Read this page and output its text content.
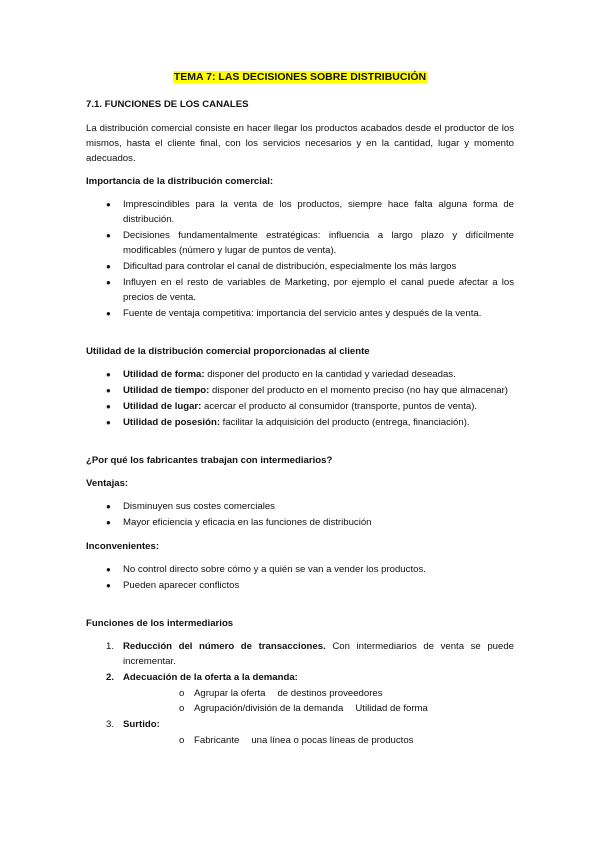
TEMA 7: LAS DECISIONES SOBRE DISTRIBUCIÓN
7.1. FUNCIONES DE LOS CANALES

La distribución comercial consiste en hacer llegar los productos acabados desde el productor de los mismos, hasta el cliente final, con los servicios necesarios y en la cantidad, lugar y momento adecuados.

Importancia de la distribución comercial:
● Imprescindibles para la venta de los productos, siempre hace falta alguna forma de distribución.
● Decisiones fundamentalmente estratégicas: influencia a largo plazo y difícilmente modificables (número y lugar de puntos de venta).
● Dificultad para controlar el canal de distribución, especialmente los más largos
● Influyen en el resto de variables de Marketing, por ejemplo el canal puede afectar a los precios de venta.
● Fuente de ventaja competitiva: importancia del servicio antes y después de la venta.
Utilidad de la distribución comercial proporcionadas al cliente
● Utilidad de forma: disponer del producto en la cantidad y variedad deseadas.
● Utilidad de tiempo: disponer del producto en el momento preciso (no hay que almacenar)
● Utilidad de lugar: acercar el producto al consumidor (transporte, puntos de venta).
● Utilidad de posesión: facilitar la adquisición del producto (entrega, financiación).
¿Por qué los fabricantes trabajan con intermediarios?
Ventajas:
● Disminuyen sus costes comerciales
● Mayor eficiencia y eficacia en las funciones de distribución
Inconvenientes:
● No control directo sobre cómo y a quién se van a vender los productos.
● Pueden aparecer conflictos
Funciones de los intermediarios
1. Reducción del número de transacciones. Con intermediarios de venta se puede incrementar.
2. Adecuación de la oferta a la demanda:
o Agrupar la oferta de destinos proveedores
o Agrupación/división de la demanda Utilidad de forma
3. Surtido:
o Fabricante una línea o pocas líneas de productos
